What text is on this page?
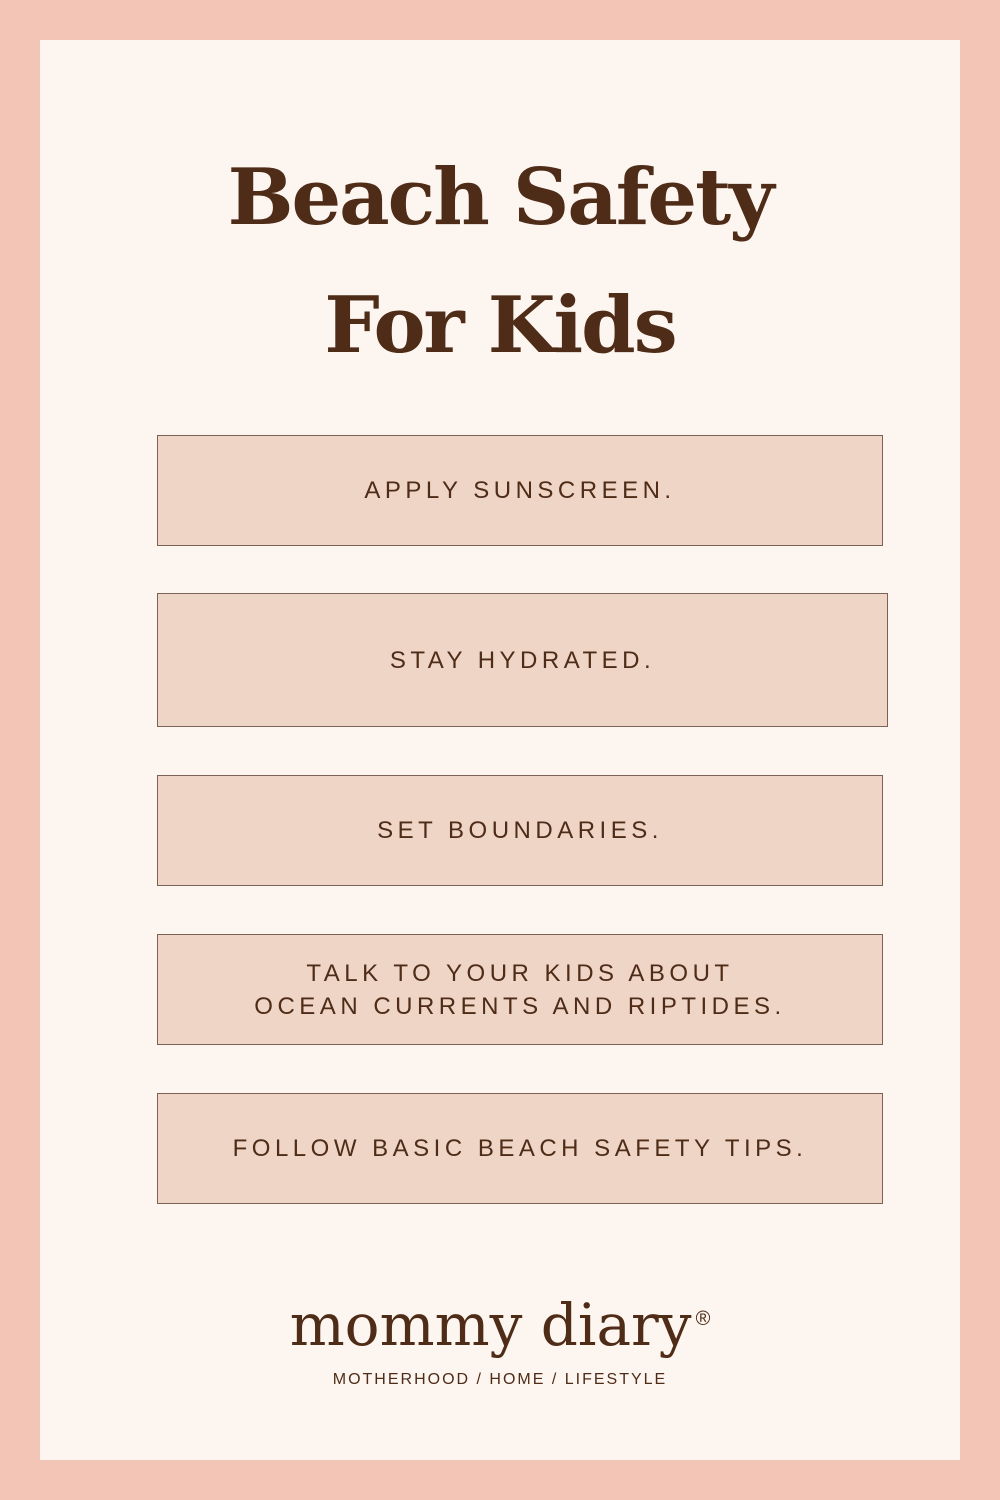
Beach Safety
For Kids
APPLY SUNSCREEN.
STAY HYDRATED.
SET BOUNDARIES.
TALK TO YOUR KIDS ABOUT
OCEAN CURRENTS AND RIPTIDES.
FOLLOW BASIC BEACH SAFETY TIPS.
mommy diary ®
MOTHERHOOD / HOME / LIFESTYLE
